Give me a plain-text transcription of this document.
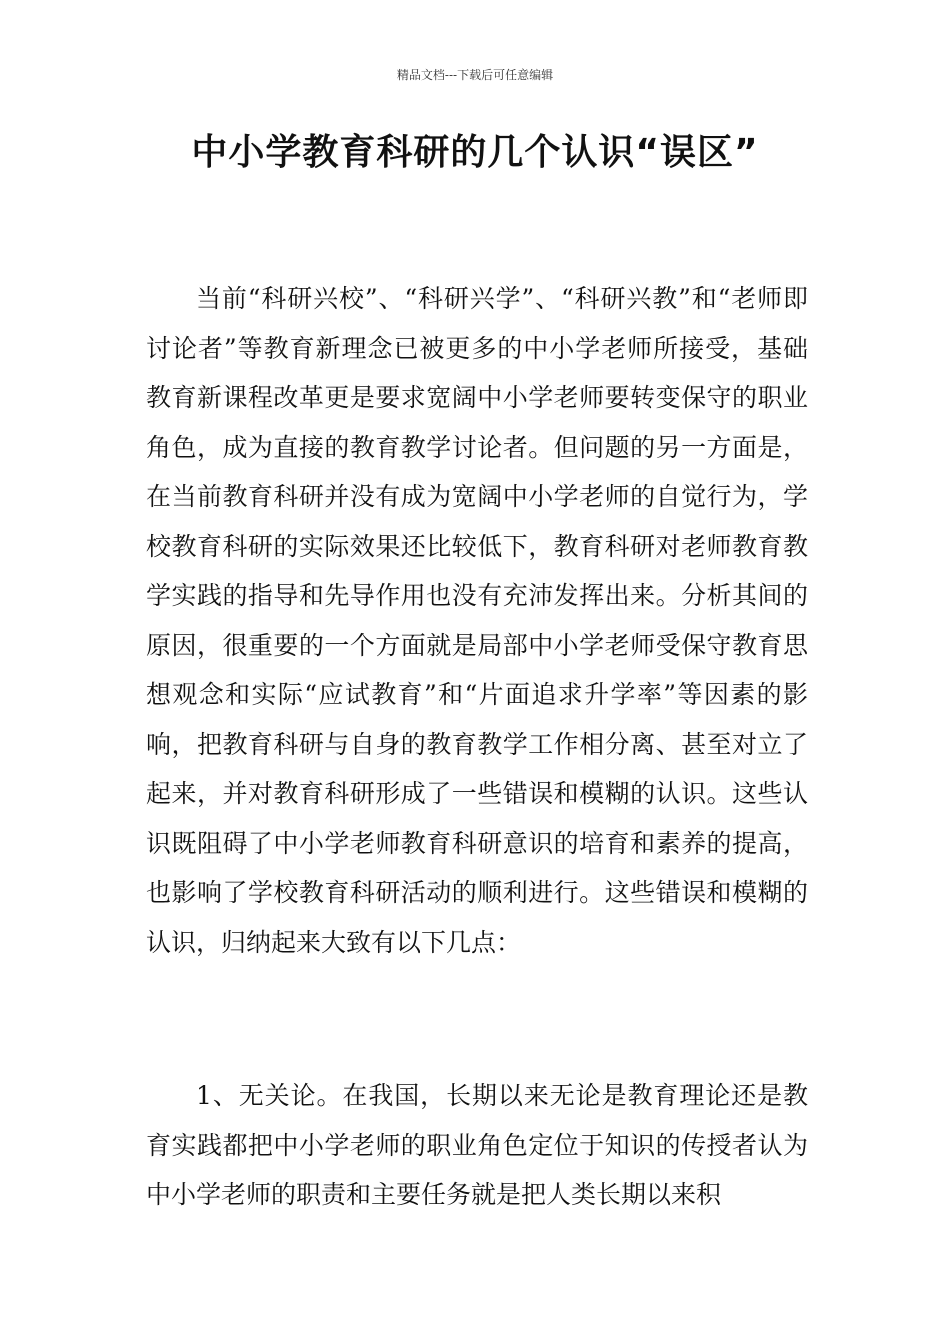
精品文档---下载后可任意编辑
中小学教育科研的几个认识“误区”

当前“科研兴校”、“科研兴学”、“科研兴教”和“老师即讨论者”等教育新理念已被更多的中小学老师所接受，基础教育新课程改革更是要求宽阔中小学老师要转变保守的职业角色，成为直接的教育教学讨论者。但问题的另一方面是，在当前教育科研并没有成为宽阔中小学老师的自觉行为，学校教育科研的实际效果还比较低下，教育科研对老师教育教学实践的指导和先导作用也没有充沛发挥出来。分析其间的原因，很重要的一个方面就是局部中小学老师受保守教育思想观念和实际“应试教育”和“片面追求升学率”等因素的影响，把教育科研与自身的教育教学工作相分离、甚至对立了起来，并对教育科研形成了一些错误和模糊的认识。这些认识既阻碍了中小学老师教育科研意识的培育和素养的提高，也影响了学校教育科研活动的顺利进行。这些错误和模糊的认识，归纳起来大致有以下几点：

1、无关论。在我国，长期以来无论是教育理论还是教育实践都把中小学老师的职业角色定位于知识的传授者认为中小学老师的职责和主要任务就是把人类长期以来积
